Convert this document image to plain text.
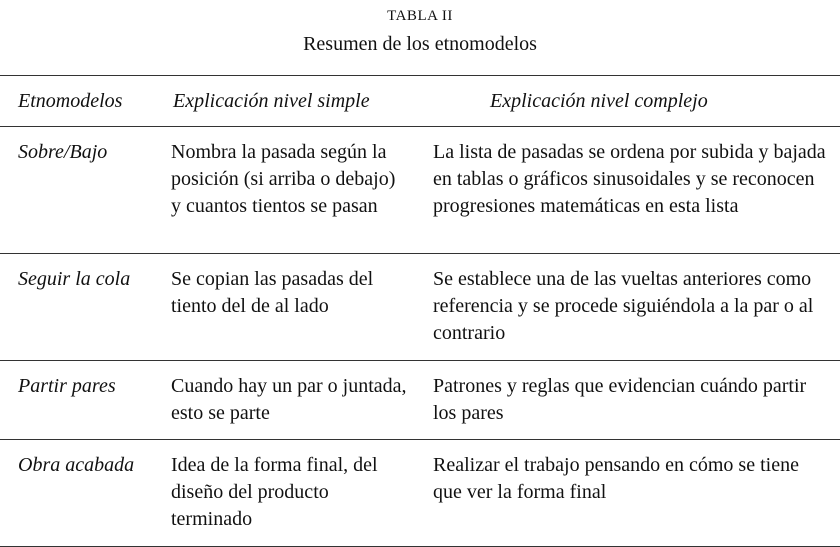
TABLA II
Resumen de los etnomodelos
Etnomodelos	Explicación nivel simple	Explicación nivel complejo
Sobre/Bajo	Nombra la pasada según la posición (si arriba o debajo) y cuantos tientos se pasan	La lista de pasadas se ordena por subida y bajada en tablas o gráficos sinusoidales y se reconocen progresiones matemáticas en esta lista
Seguir la cola	Se copian las pasadas del tiento del de al lado	Se establece una de las vueltas anteriores como referencia y se procede siguiéndola a la par o al contrario
Partir pares	Cuando hay un par o juntada, esto se parte	Patrones y reglas que evidencian cuándo partir los pares
Obra acabada	Idea de la forma final, del diseño del producto terminado	Realizar el trabajo pensando en cómo se tiene que ver la forma final
